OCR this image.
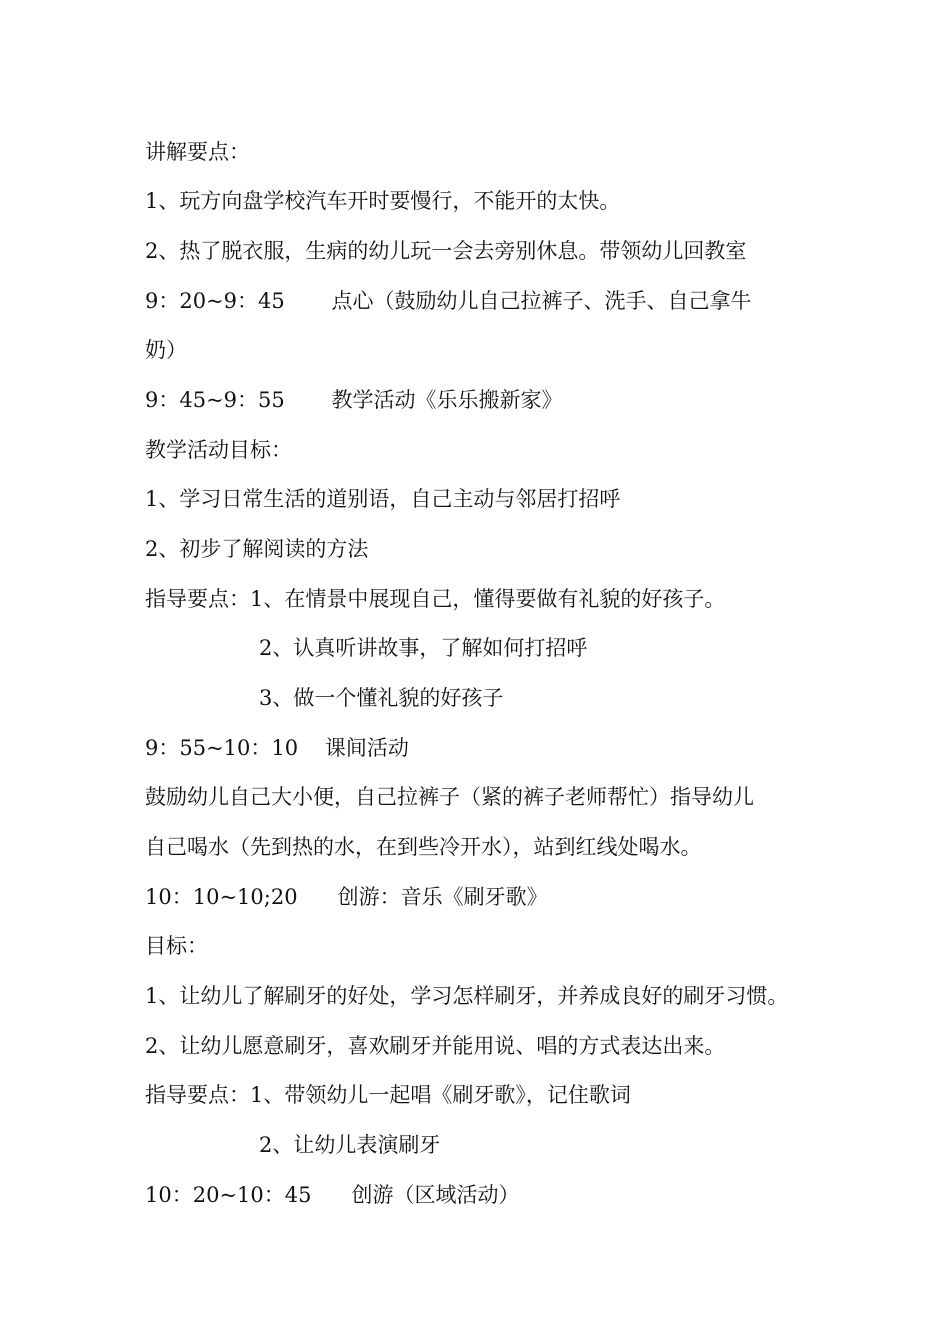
讲解要点：
1、玩方向盘学校汽车开时要慢行，不能开的太快。
2、热了脱衣服，生病的幼儿玩一会去旁别休息。带领幼儿回教室
9：20~9：45       点心（鼓励幼儿自己拉裤子、洗手、自己拿牛
奶）
9：45~9：55       教学活动《乐乐搬新家》
教学活动目标：
1、学习日常生活的道别语，自己主动与邻居打招呼
2、初步了解阅读的方法
指导要点：1、在情景中展现自己，懂得要做有礼貌的好孩子。
2、认真听讲故事，了解如何打招呼
3、做一个懂礼貌的好孩子
9：55~10：10    课间活动
鼓励幼儿自己大小便，自己拉裤子（紧的裤子老师帮忙）指导幼儿
自己喝水（先到热的水，在到些冷开水），站到红线处喝水。
10：10~10;20      创游：音乐《刷牙歌》
目标：
1、让幼儿了解刷牙的好处，学习怎样刷牙，并养成良好的刷牙习惯。
2、让幼儿愿意刷牙，喜欢刷牙并能用说、唱的方式表达出来。
指导要点：1、带领幼儿一起唱《刷牙歌》，记住歌词
2、让幼儿表演刷牙
10：20~10：45      创游（区域活动）
